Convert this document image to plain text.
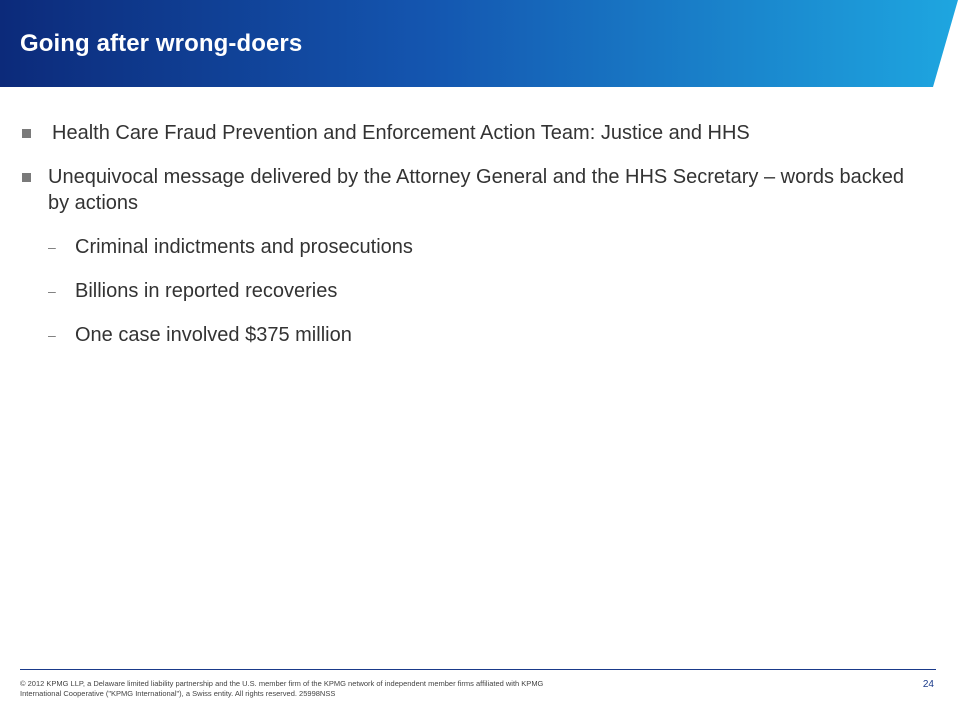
Going after wrong-doers
Health Care Fraud Prevention and Enforcement Action Team: Justice and HHS
Unequivocal message delivered by the Attorney General and the HHS Secretary – words backed by actions
– Criminal indictments and prosecutions
– Billions in reported recoveries
– One case involved $375 million
© 2012 KPMG LLP, a Delaware limited liability partnership and the U.S. member firm of the KPMG network of independent member firms affiliated with KPMG International Cooperative ("KPMG International"), a Swiss entity. All rights reserved. 25998NSS
24
